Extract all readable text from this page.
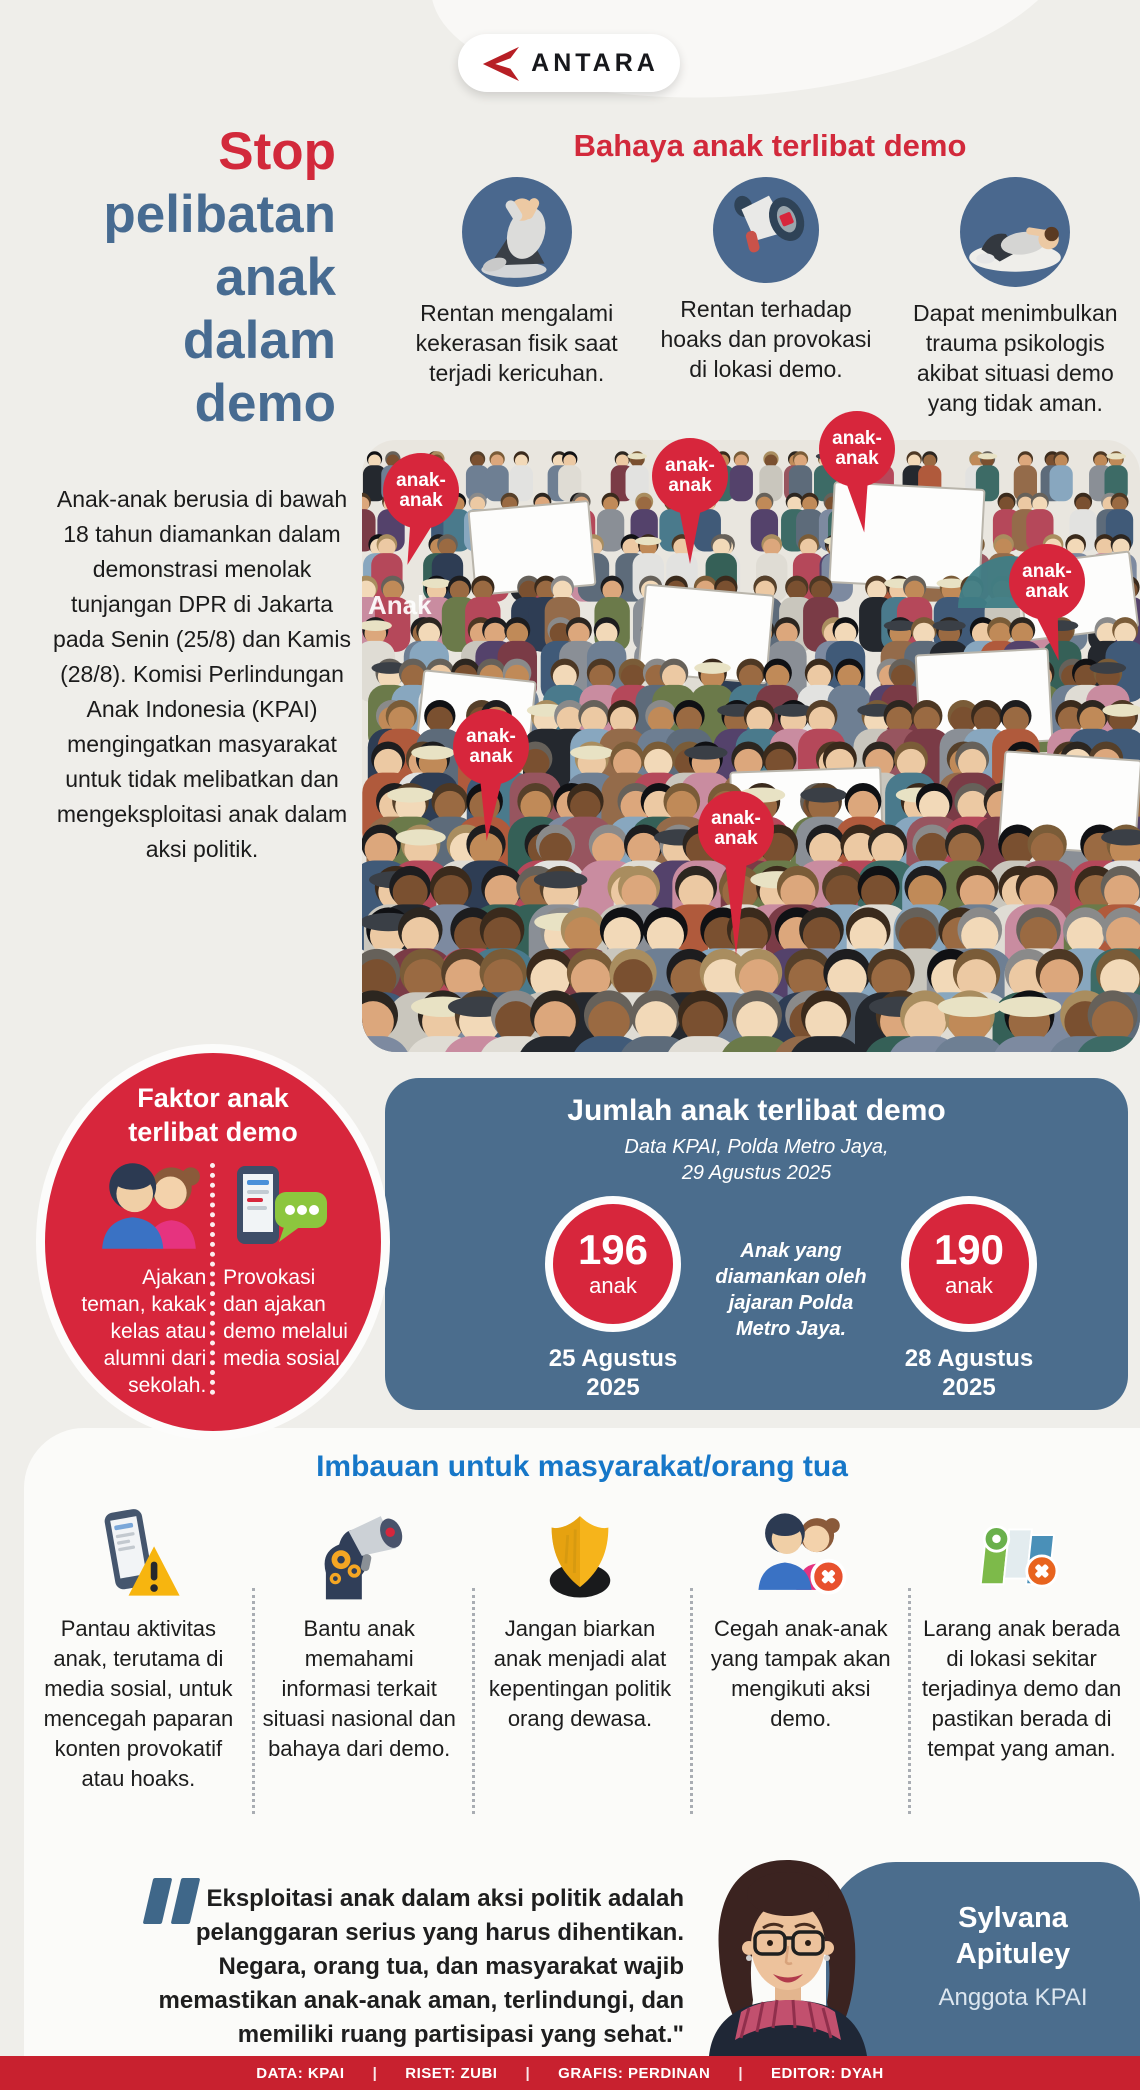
ANTARA
Stop
pelibatan
anak
dalam
demo
Bahaya anak terlibat demo
Rentan mengalami kekerasan fisik saat terjadi kericuhan.
Rentan terhadap hoaks dan provokasi di lokasi demo.
Dapat menimbulkan trauma psikologis akibat situasi demo yang tidak aman.
Anak
anak-
anak
anak-
anak
anak-
anak
anak-
anak
anak-
anak
anak-
anak
Anak-anak berusia di bawah 18 tahun diamankan dalam demonstrasi menolak tunjangan DPR di Jakarta pada Senin (25/8) dan Kamis (28/8). Komisi Perlindungan Anak Indonesia (KPAI) mengingatkan masyarakat untuk tidak melibatkan dan mengeksploitasi anak dalam aksi politik.
Faktor anak
terlibat demo
Ajakan teman, kakak kelas atau alumni dari sekolah.
Provokasi dan ajakan demo melalui media sosial.
Jumlah anak terlibat demo
Data KPAI, Polda Metro Jaya,
29 Agustus 2025
196
anak
25 Agustus
2025
Anak yang diamankan oleh jajaran Polda Metro Jaya.
190
anak
28 Agustus
2025
Imbauan untuk masyarakat/orang tua
Pantau aktivitas anak, terutama di media sosial, untuk mencegah paparan konten provokatif atau hoaks.
Bantu anak memahami informasi terkait situasi nasional dan bahaya dari demo.
Jangan biarkan anak menjadi alat kepentingan politik orang dewasa.
Cegah anak-anak yang tampak akan mengikuti aksi demo.
Larang anak berada di lokasi sekitar terjadinya demo dan pastikan berada di tempat yang aman.
Eksploitasi anak dalam aksi politik adalah pelanggaran serius yang harus dihentikan. Negara, orang tua, dan masyarakat wajib memastikan anak-anak aman, terlindungi, dan memiliki ruang partisipasi yang sehat."
Sylvana
Apituley
Anggota KPAI
DATA: KPAI | RISET: ZUBI | GRAFIS: PERDINAN | EDITOR: DYAH
